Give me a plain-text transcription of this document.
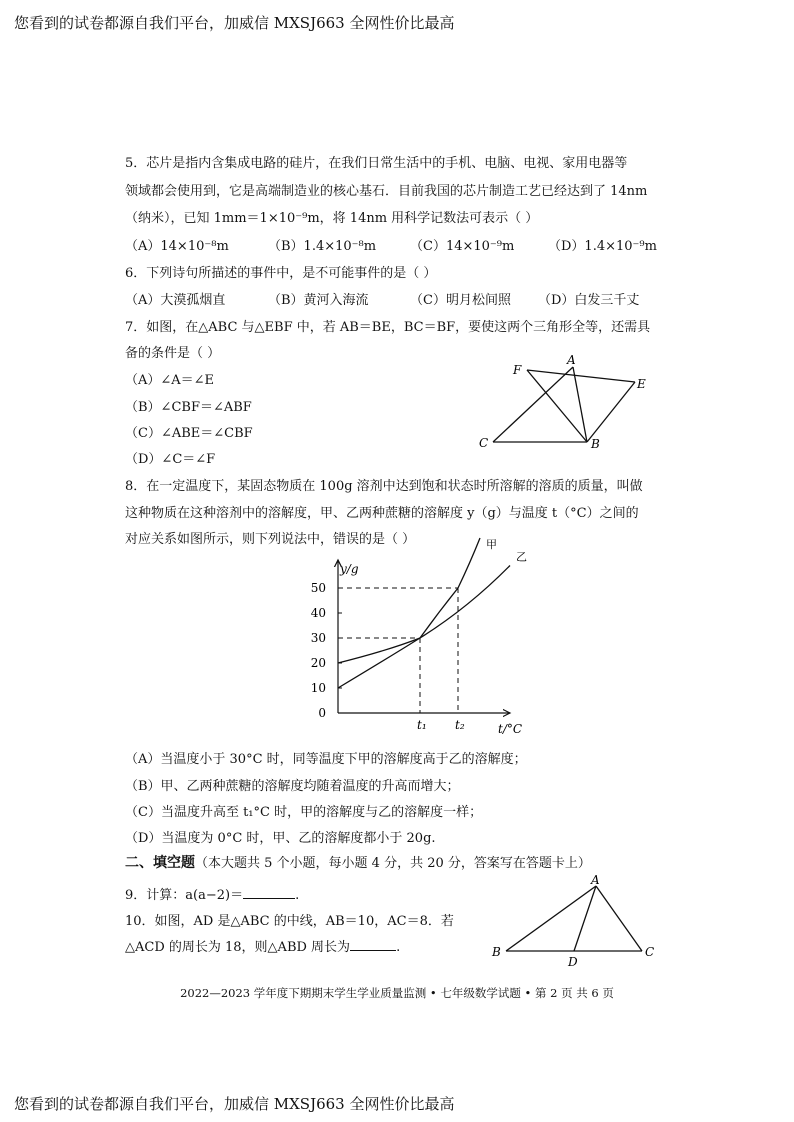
您看到的试卷都源自我们平台，加威信 MXSJ663 全网性价比最高
5．芯片是指内含集成电路的硅片，在我们日常生活中的手机、电脑、电视、家用电器等
领域都会使用到，它是高端制造业的核心基石．目前我国的芯片制造工艺已经达到了 14nm
（纳米），已知 1mm＝1×10⁻⁹m，将 14nm 用科学记数法可表示（ ）
（A）14×10⁻⁸m	（B）1.4×10⁻⁸m	（C）14×10⁻⁹m	（D）1.4×10⁻⁹m
6．下列诗句所描述的事件中，是不可能事件的是（ ）
（A）大漠孤烟直	（B）黄河入海流	（C）明月松间照 （D）白发三千丈
7．如图，在△ABC 与△EBF 中，若 AB＝BE，BC＝BF，要使这两个三角形全等，还需具
备的条件是（ ）
（A）∠A＝∠E
（B）∠CBF＝∠ABF
（C）∠ABE＝∠CBF
（D）∠C＝∠F
A
F
E
C	B
8．在一定温度下，某固态物质在 100g 溶剂中达到饱和状态时所溶解的溶质的质量，叫做
这种物质在这种溶剂中的溶解度，甲、乙两种蔗糖的溶解度 y（g）与温度 t（°C）之间的
对应关系如图所示，则下列说法中，错误的是（ ）
0
10
20
30
40
50
t₁ t₂
甲
乙
y/g
t/°C
（A）当温度小于 30°C 时，同等温度下甲的溶解度高于乙的溶解度；
（B）甲、乙两种蔗糖的溶解度均随着温度的升高而增大；
（C）当温度升高至 t₁°C 时，甲的溶解度与乙的溶解度一样；
（D）当温度为 0°C 时，甲、乙的溶解度都小于 20g.
二、填空题（本大题共 5 个小题，每小题 4 分，共 20 分，答案写在答题卡上）
9．计算：a(a−2)＝	.
10．如图，AD 是△ABC 的中线，AB＝10，AC＝8．若
△ACD 的周长为 18，则△ABD 周长为	.
A
B	C
D
2022—2023 学年度下期期末学生学业质量监测 • 七年级数学试题 • 第 2 页 共 6 页
您看到的试卷都源自我们平台，加威信 MXSJ663 全网性价比最高
